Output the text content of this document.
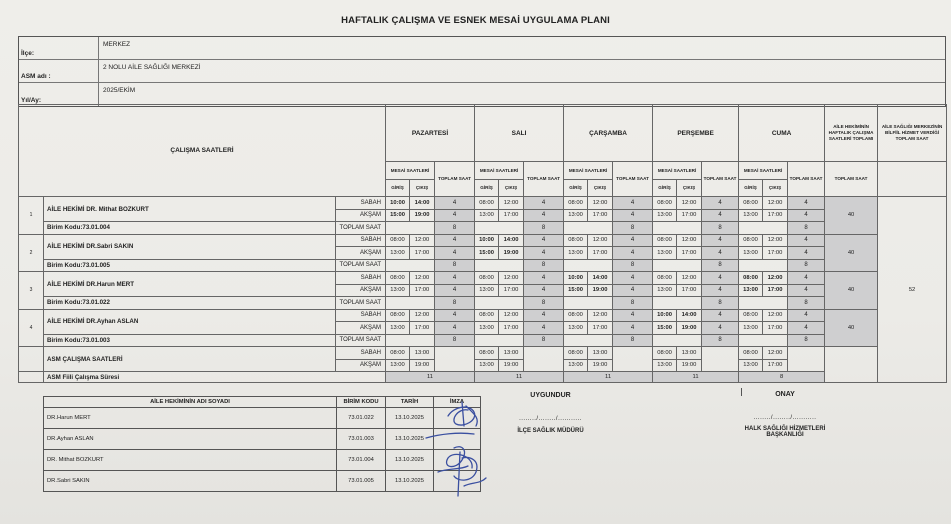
HAFTALIK ÇALIŞMA VE ESNEK MESAİ UYGULAMA PLANI
İlçe:
MERKEZ
ASM adı :
2 NOLU AİLE SAĞLIĞI MERKEZİ
Yıl/Ay:
2025/EKİM
ÇALIŞMA SAATLERİ			PAZARTESİ			SALI			ÇARŞAMBA			PERŞEMBE			CUMA			AİLE HEKİMİNİN HAFTALIK ÇALIŞMA SAATLERİ TOPLAMI	AİLE SAĞLIĞI MERKEZİNİN BİLFİİL HİZMET VERDİĞİ TOPLAM SAAT
			MESAİ SAATLERİ		TOPLAM SAAT	MESAİ SAATLERİ		TOPLAM SAAT	MESAİ SAATLERİ		TOPLAM SAAT	MESAİ SAATLERİ		TOPLAM SAAT	MESAİ SAATLERİ		TOPLAM SAAT	TOPLAM SAAT	
			GİRİŞ	ÇIKIŞ		GİRİŞ	ÇIKIŞ		GİRİŞ	ÇIKIŞ		GİRİŞ	ÇIKIŞ		GİRİŞ	ÇIKIŞ			
1	AİLE HEKİMİ DR. Mithat BOZKURT	SABAH	10:00	14:00	4	08:00	12:00	4	08:00	12:00	4	08:00	12:00	4	08:00	12:00	4	40	52
		AKŞAM	15:00	19:00	4	13:00	17:00	4	13:00	17:00	4	13:00	17:00	4	13:00	17:00	4		
	Birim Kodu:73.01.004	TOPLAM SAAT			8			8			8			8			8		
2	AİLE HEKİMİ DR.Sabri SAKIN	SABAH	08:00	12:00	4	10:00	14:00	4	08:00	12:00	4	08:00	12:00	4	08:00	12:00	4	40	
		AKŞAM	13:00	17:00	4	15:00	19:00	4	13:00	17:00	4	13:00	17:00	4	13:00	17:00	4		
	Birim Kodu:73.01.005	TOPLAM SAAT			8			8			8			8			8		
3	AİLE HEKİMİ DR.Harun MERT	SABAH	08:00	12:00	4	08:00	12:00	4	10:00	14:00	4	08:00	12:00	4	08:00	12:00	4	40	
		AKŞAM	13:00	17:00	4	13:00	17:00	4	15:00	19:00	4	13:00	17:00	4	13:00	17:00	4		
	Birim Kodu:73.01.022	TOPLAM SAAT			8			8			8			8			8		
4	AİLE HEKİMİ DR.Ayhan ASLAN	SABAH	08:00	12:00	4	08:00	12:00	4	08:00	12:00	4	10:00	14:00	4	08:00	12:00	4	40	
		AKŞAM	13:00	17:00	4	13:00	17:00	4	13:00	17:00	4	15:00	19:00	4	13:00	17:00	4		
	Birim Kodu:73.01.003	TOPLAM SAAT			8			8			8			8			8		
	ASM ÇALIŞMA SAATLERİ	SABAH	08:00	13:00		08:00	13:00		08:00	13:00		08:00	13:00		08:00	12:00			
		AKŞAM	13:00	19:00		13:00	19:00		13:00	19:00		13:00	19:00		13:00	17:00			
	ASM Fiili Çalışma Süresi		11			11			11			11			8				
AİLE HEKİMİNİN ADI SOYADI	BİRİM KODU	TARİH	İMZA
DR.Harun MERT	73.01.022	13.10.2025	
DR.Ayhan ASLAN	73.01.003	13.10.2025	
DR. Mithat BOZKURT	73.01.004	13.10.2025	
DR.Sabri SAKIN	73.01.005	13.10.2025	
UYGUNDUR
......../......../...........
İLÇE SAĞLIK MÜDÜRÜ
ONAY
......../......../...........
HALK SAĞLIĞI HİZMETLERİ
BAŞKANLIĞI
